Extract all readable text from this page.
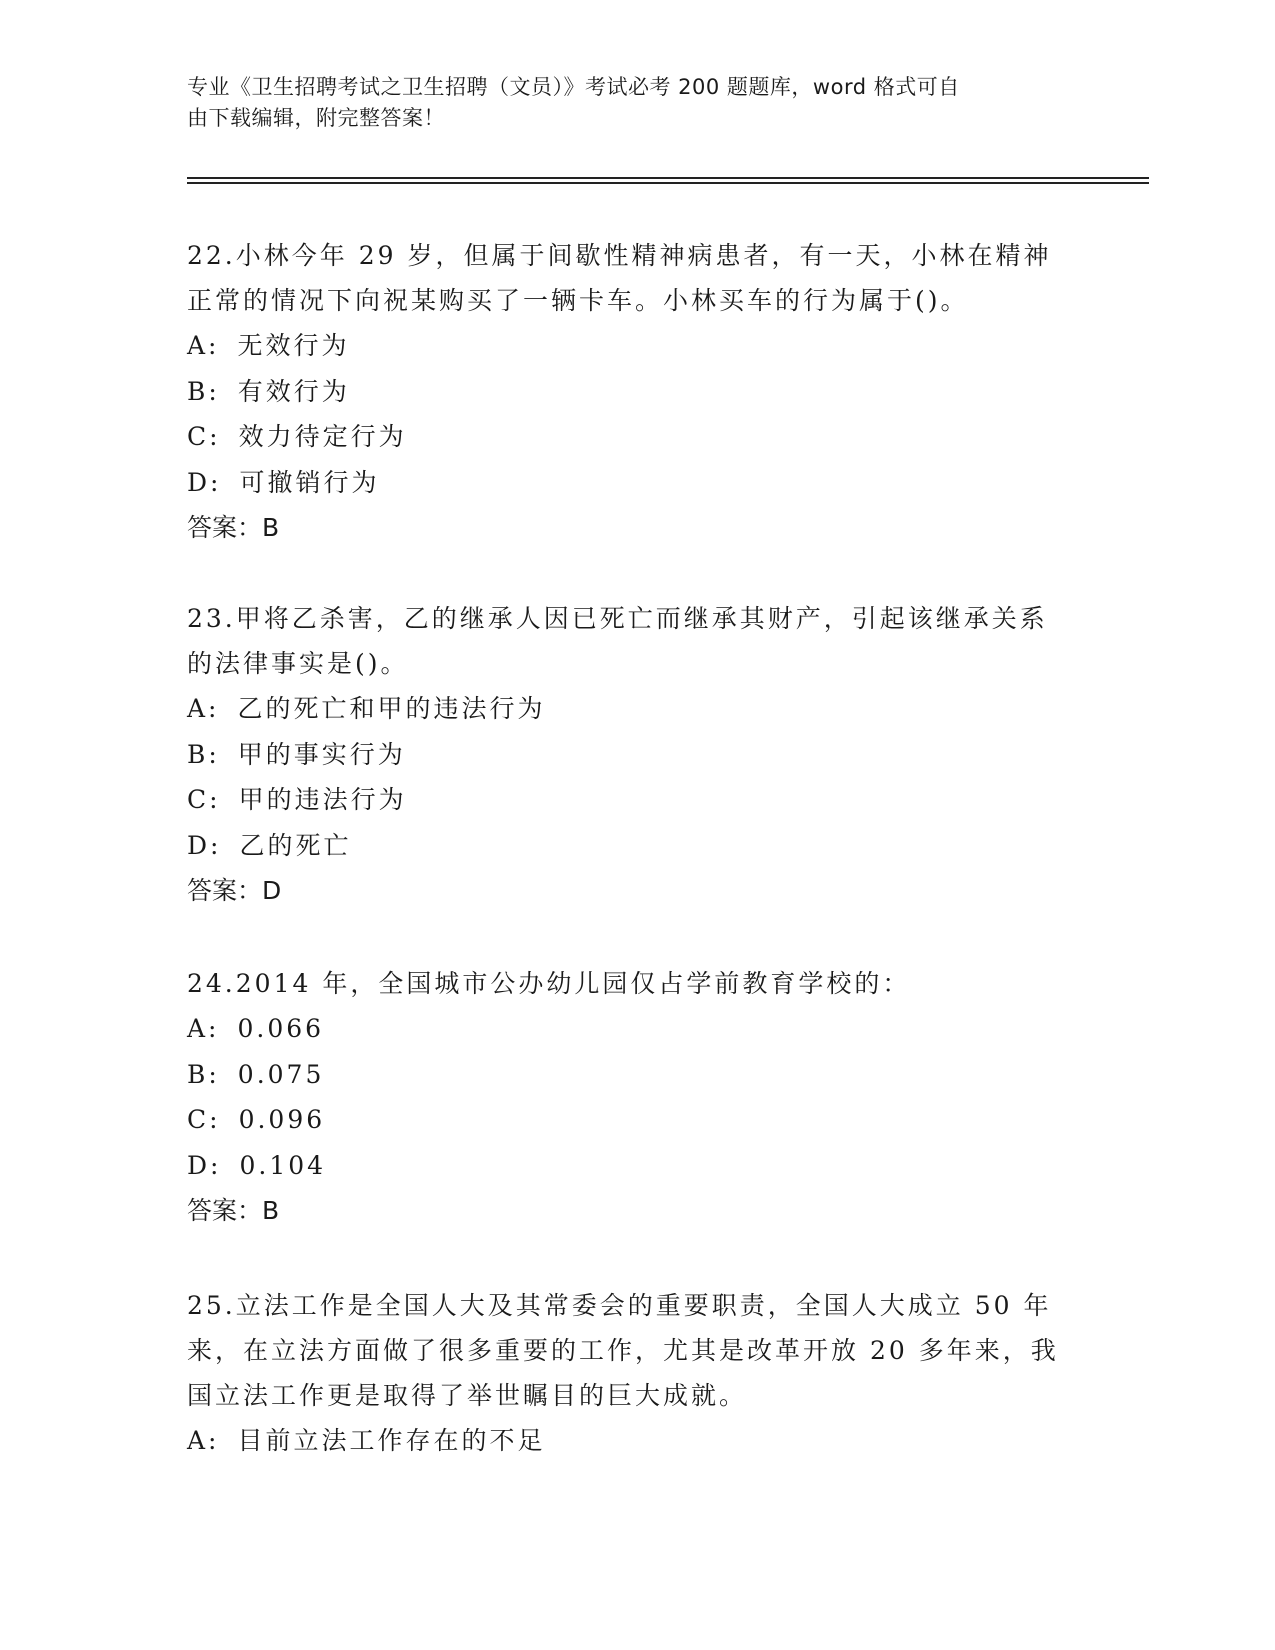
专业《卫生招聘考试之卫生招聘（文员）》考试必考 200 题题库，word 格式可自
由下载编辑，附完整答案！

22.小林今年 29 岁，但属于间歇性精神病患者，有一天，小林在精神

正常的情况下向祝某购买了一辆卡车。小林买车的行为属于()。

A: 无效行为

B: 有效行为

C: 效力待定行为

D: 可撤销行为

答案：B

23.甲将乙杀害，乙的继承人因已死亡而继承其财产，引起该继承关系

的法律事实是()。

A: 乙的死亡和甲的违法行为

B: 甲的事实行为

C: 甲的违法行为

D: 乙的死亡

答案：D

24.2014 年，全国城市公办幼儿园仅占学前教育学校的：

A: 0.066

B: 0.075

C: 0.096

D: 0.104

答案：B

25.立法工作是全国人大及其常委会的重要职责，全国人大成立 50 年

来，在立法方面做了很多重要的工作，尤其是改革开放 20 多年来，我

国立法工作更是取得了举世瞩目的巨大成就。

A: 目前立法工作存在的不足
